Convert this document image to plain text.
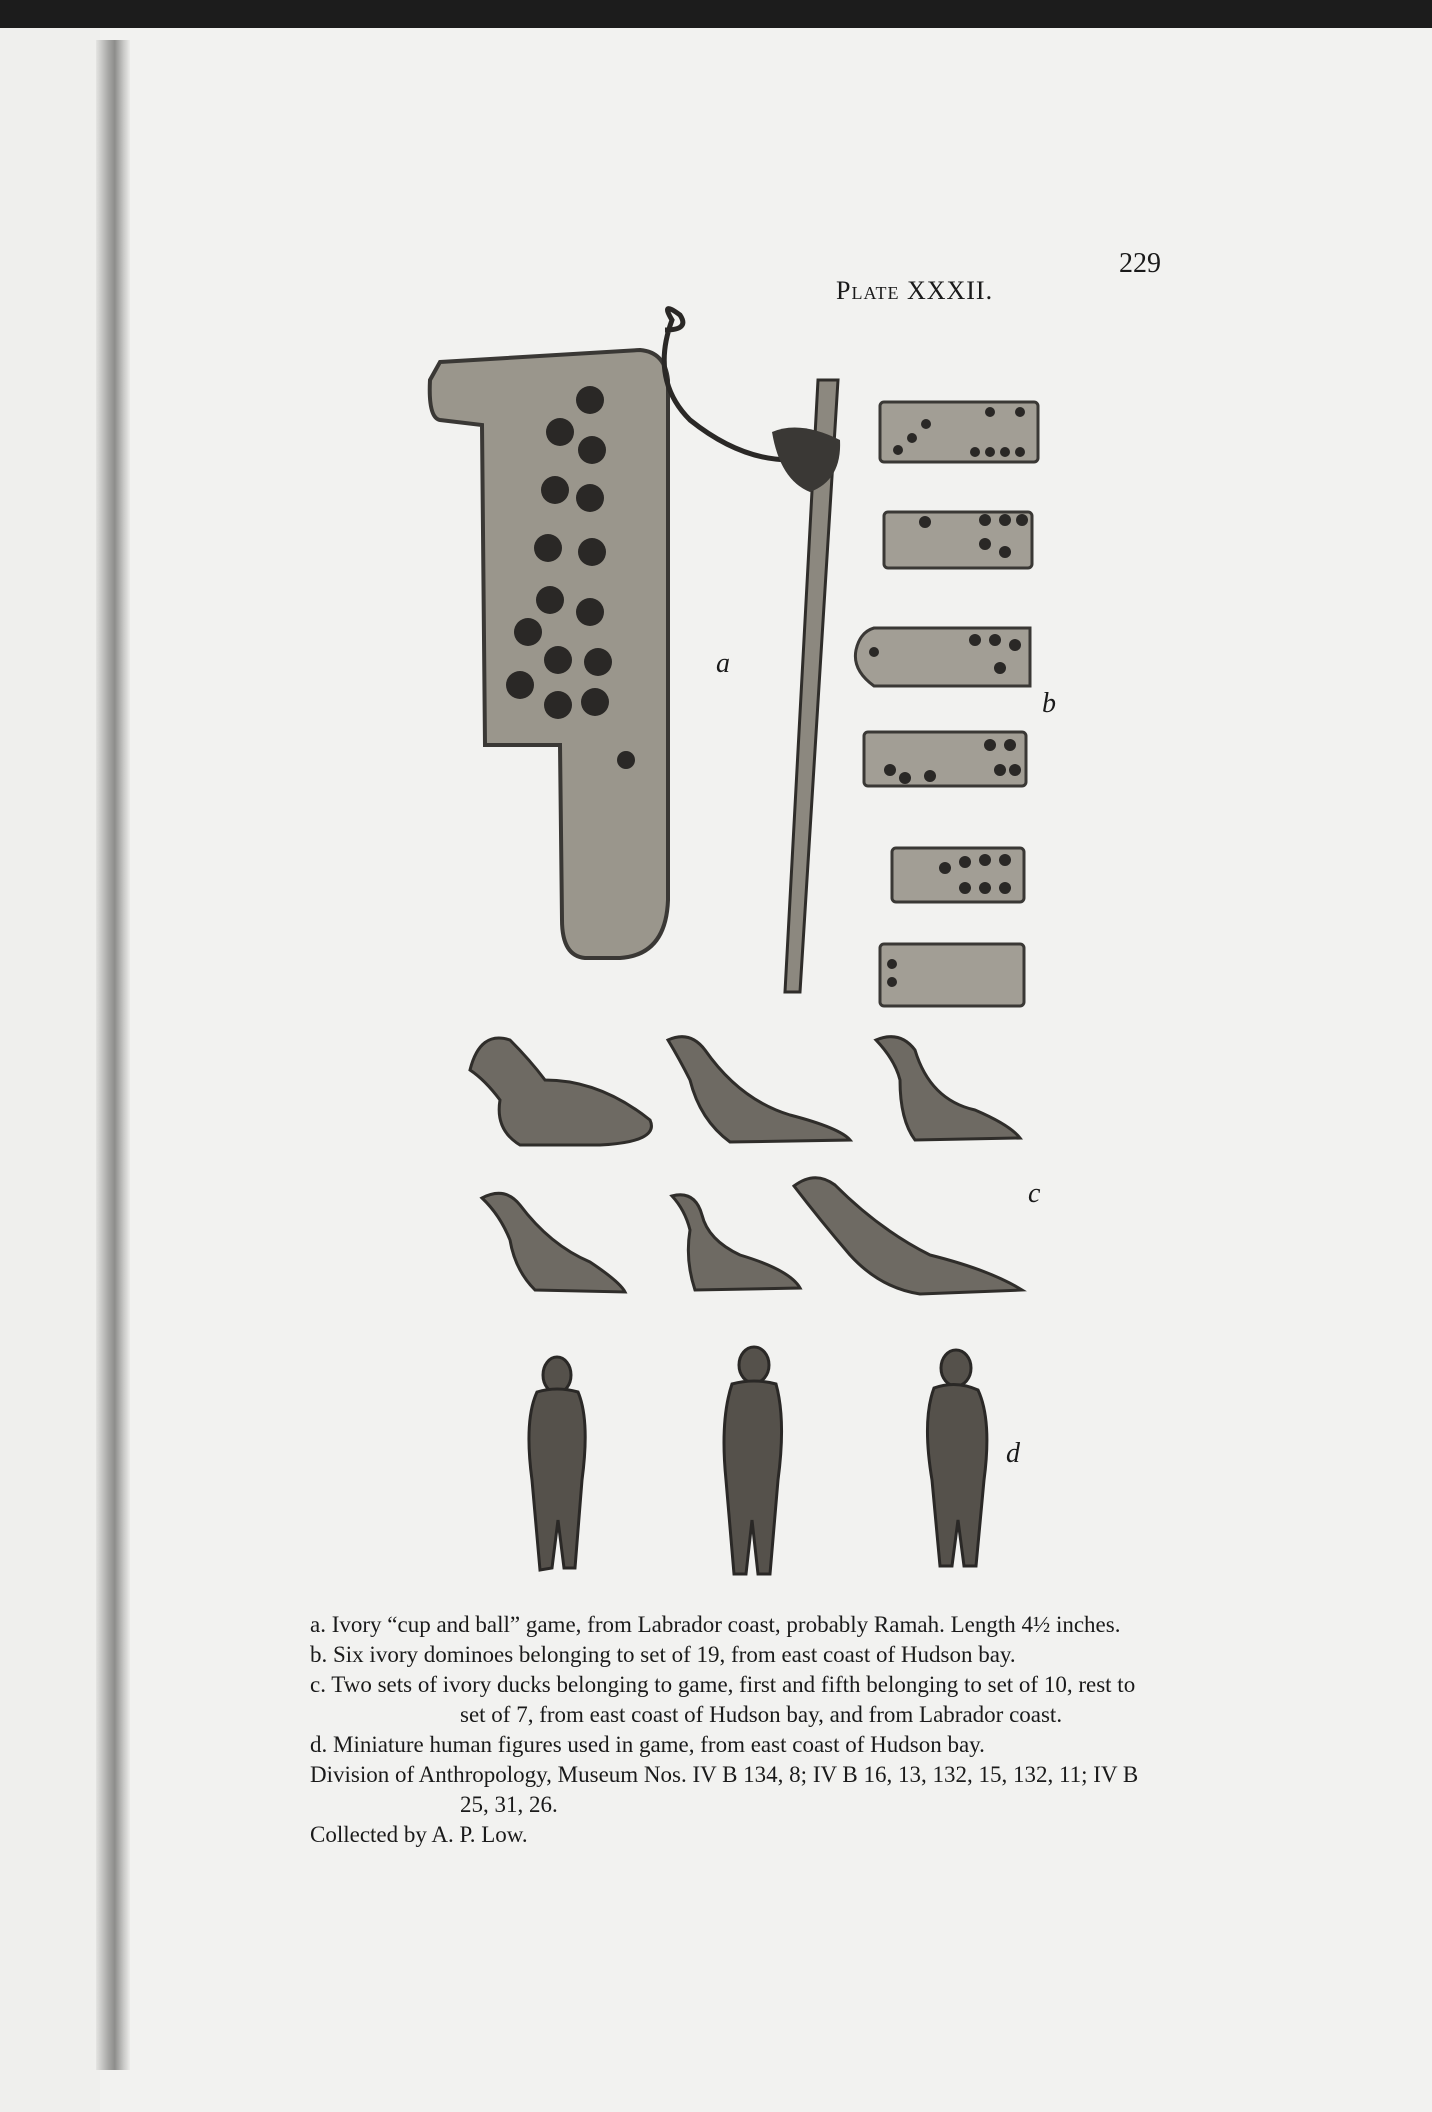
229
Plate XXXII.
a
b
c
d

a. Ivory “cup and ball” game, from Labrador coast, probably Ramah. Length 4½ inches.

b. Six ivory dominoes belonging to set of 19, from east coast of Hudson bay.

c. Two sets of ivory ducks belonging to game, first and fifth belonging to set of 10, rest to set of 7, from east coast of Hudson bay, and from Labrador coast.

d. Miniature human figures used in game, from east coast of Hudson bay.

Division of Anthropology, Museum Nos. IV B 134, 8; IV B 16, 13, 132, 15, 132, 11; IV B 25, 31, 26.

Collected by A. P. Low.
